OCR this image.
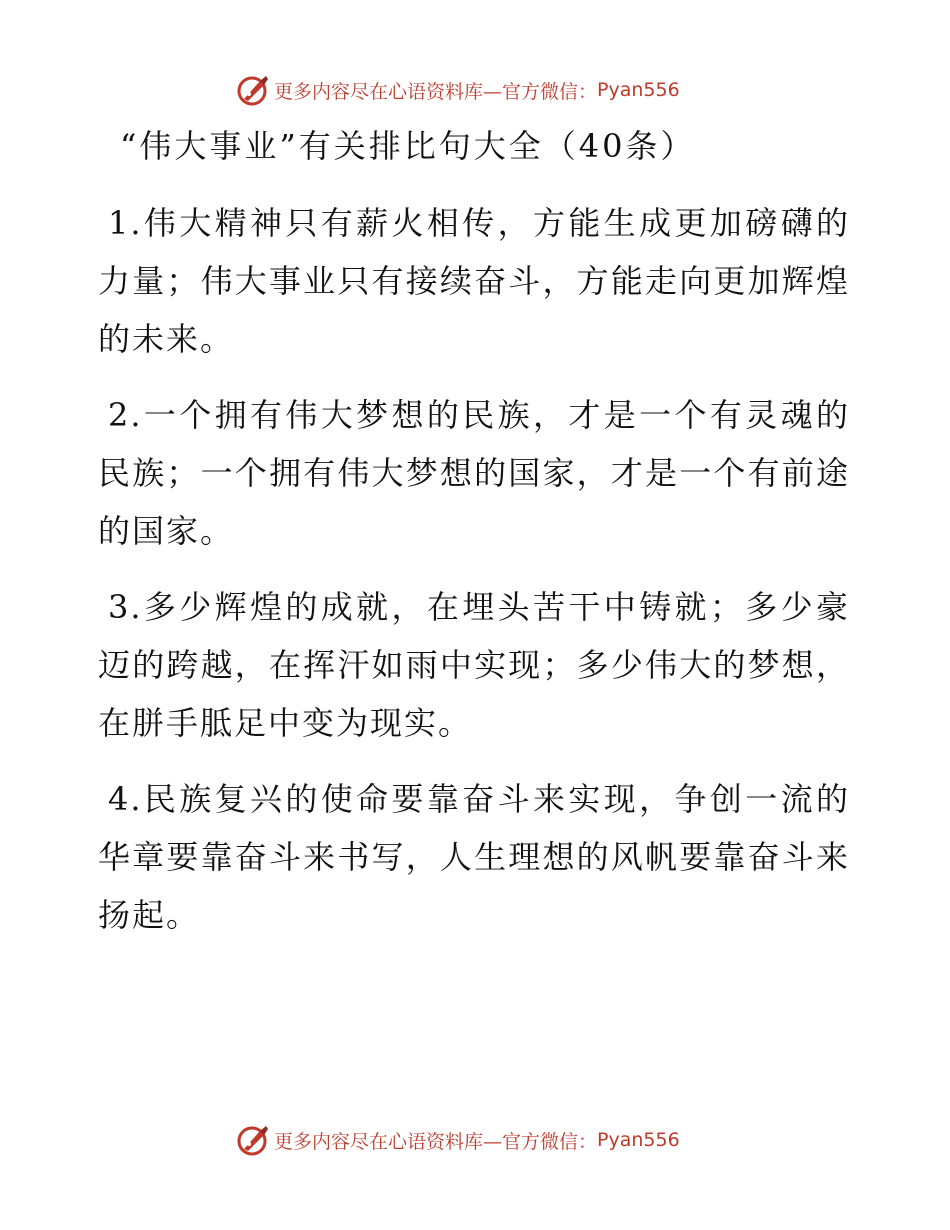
更多内容尽在心语资料库—官方微信： Pyan556
“伟大事业”有关排比句大全（40条）

1.伟大精神只有薪火相传，方能生成更加磅礴的力量；伟大事业只有接续奋斗，方能走向更加辉煌的未来。

2.一个拥有伟大梦想的民族，才是一个有灵魂的民族；一个拥有伟大梦想的国家，才是一个有前途的国家。

3.多少辉煌的成就，在埋头苦干中铸就；多少豪迈的跨越，在挥汗如雨中实现；多少伟大的梦想，在胼手胝足中变为现实。

4.民族复兴的使命要靠奋斗来实现，争创一流的华章要靠奋斗来书写，人生理想的风帆要靠奋斗来扬起。

更多内容尽在心语资料库—官方微信： Pyan556
